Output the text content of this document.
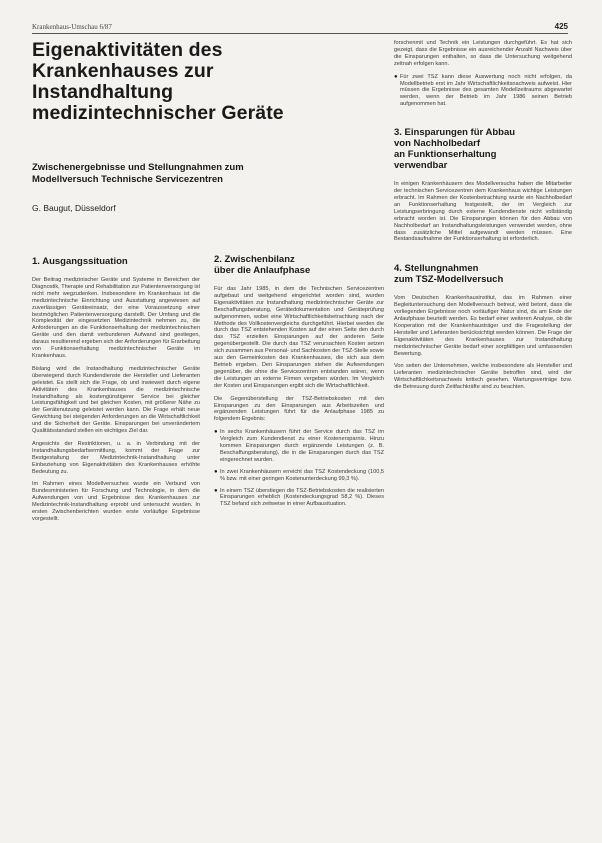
Krankenhaus-Umschau 6/87	425
Eigenaktivitäten des
Krankenhauses zur
Instandhaltung
medizintechnischer Geräte
Zwischenergebnisse und Stellungnahmen zum
Modellversuch Technische Servicezentren
G. Baugut, Düsseldorf
1. Ausgangssituation

Der Beitrag medizinischer Geräte und Systeme in Bereichen der Diagnostik, Therapie und Rehabilitation zur Patientenversorgung ist nicht mehr wegzudenken. Insbesondere im Krankenhaus ist die medizintechnische Einrichtung und Ausstattung angewiesen auf zuverlässigen Geräteeinsatz, der eine Voraussetzung einer bestmöglichen Patientenversorgung darstellt. Der Umfang und die Komplexität der eingesetzten Medizintechnik nehmen zu, die Anforderungen an die Funktionserhaltung der medizintechnischen Geräte und den damit verbundenen Aufwand sind gestiegen, daraus resultierend ergeben sich der Anforderungen für Erarbeitung von Funktionserhaltung medizintechnischer Geräte im Krankenhaus.

Bislang wird die Instandhaltung medizintechnischer Geräte überwiegend durch Kundendienste der Hersteller und Lieferanten geleistet. Es stellt sich die Frage, ob und inwieweit durch eigene Aktivitäten des Krankenhauses die medizintechnische Instandhaltung als kostengünstigerer Service bei gleicher Leistungsfähigkeit und bei gleichen Kosten, mit größerer Nähe zu der Gerätenutzung geleistet werden kann. Die Frage erhält neue Gewichtung bei steigenden Anforderungen an die Wirtschaftlichkeit und die Sicherheit der Geräte. Einsparungen bei unverändertem Qualitätsstandard stellen ein wichtiges Ziel dar.

Angesichts der Restriktionen, u. a. in Verbindung mit der Instandhaltungsbedarfsermittlung, kommt der Frage zur Bestgestaltung der Medizintechnik-Instandhaltung unter Einbeziehung von Eigenaktivitäten des Krankenhauses erhöhte Bedeutung zu.

Im Rahmen eines Modellversuches wurde ein Verbund von Bundesministerien für Forschung und Technologie, in dem die Aufwendungen von und Ergebnisse des Krankenhauses zur Medizintechnik-Instandhaltung erprobt und untersucht wurden. In ersten Zwischenberichten wurden erste vorläufige Ergebnisse vorgestellt.

2. Zwischenbilanz
über die Anlaufphase

Für das Jahr 1985, in dem die Technischen Servicezentren aufgebaut und weitgehend eingerichtet worden sind, wurden Eigenaktivitäten zur Instandhaltung medizintechnischer Geräte zur Beschaffungsberatung, Gerätedokumentation und Geräteprüfung aufgenommen, wobei eine Wirtschaftlichkeitsbetrachtung nach der Methode des Vollkostenvergleichs durchgeführt. Hierbei werden die durch das TSZ entstehenden Kosten auf der einen Seite den durch das TSZ erzielten Einsparungen auf der anderen Seite gegenübergestellt. Die durch das TSZ verursachten Kosten setzen sich zusammen aus Personal- und Sachkosten der TSZ-Stelle sowie aus den Gemeinkosten des Krankenhauses, die sich aus dem Betrieb ergeben. Den Einsparungen stehen die Aufwendungen gegenüber, die ohne die Servicezentren entstanden wären, wenn die Leistungen an externe Firmen vergeben würden. Im Vergleich der Kosten und Einsparungen ergibt sich die Wirtschaftlichkeit.

Die Gegenüberstellung der TSZ-Betriebskosten mit den Einsparungen zu den Einsparungen aus Arbeitszeiten und ergänzenden Leistungen führt für die Anlaufphase 1985 zu folgendem Ergebnis:

● In sechs Krankenhäusern führt der Service durch das TSZ im Vergleich zum Kundendienst zu einer Kostenersparnis. Hinzu kommen Einsparungen durch ergänzende Leistungen (z. B. Beschaffungsberatung), die in die Einsparungen durch das TSZ eingerechnet wurden.
● In zwei Krankenhäusern erreicht das TSZ Kostendeckung (100,5 % bzw. mit einer geringen Kostenunterdeckung 99,3 %).
● In einem TSZ überstiegen die TSZ-Betriebskosten die realisierten Einsparungen erheblich (Kostendeckungsgrad 58,2 %). Dieses TSZ befand sich zeitweise in einer Aufbausituation.

forschenmit und Technik ein Leistungen durchgeführt. Es hat sich gezeigt, dass die Ergebnisse ein ausreichender Anzahl Nachweis über die Einsparungen enthalten, so dass die Untersuchung weitgehend zeitnah erfolgen kann.

● Für zwei TSZ kann diese Auswertung noch nicht erfolgen, da Modellbetrieb erst im Jahr Wirtschaftlichkeitsnachweis aufweist. Hier müssen die Ergebnisse des gesamten Modellzeitraums abgewartet werden, wenn der Betrieb im Jahr 1986 seinen Betrieb aufgenommen hat.
3. Einsparungen für Abbau
von Nachholbedarf
an Funktionserhaltung
verwendbar

In einigen Krankenhäusern des Modellversuchs haben die Mitarbeiter der technischen Servicezentren dem Krankenhaus wichtige Leistungen erbracht. Im Rahmen der Kostenbetrachtung wurde ein Nachholbedarf an Funktionserhaltung festgestellt, der im Vergleich zur Leistungserbringung durch externe Kundendienste nicht vollständig erbracht worden ist. Die Einsparungen können für den Abbau von Nachholbedarf an Instandhaltungsleistungen verwendet werden, ohne dass zusätzliche Mittel aufgewandt werden müssen. Eine Bestandsaufnahme der Funktionserhaltung ist erforderlich.

4. Stellungnahmen
zum TSZ-Modellversuch

Vom Deutschen Krankenhausinstitut, das im Rahmen einer Begleituntersuchung den Modellversuch betreut, wird betont, dass die vorliegenden Ergebnisse noch vorläufiger Natur sind, da am Ende der Anlaufphase beurteilt werden. Es bedarf einer weiteren Analyse, ob die Kooperation mit der Krankenhausträger und die Fragestellung der Hersteller und Lieferanten berücksichtigt werden können. Die Frage der Eigenaktivitäten des Krankenhauses zur Instandhaltung medizintechnischer Geräte bedarf einer sorgfältigen und umfassenden Bewertung.

Von seiten der Unternehmen, welche insbesondere als Hersteller und Lieferanten medizintechnischer Geräte betroffen sind, wird der Wirtschaftlichkeitsnachweis kritisch gesehen. Wartungsverträge bzw. die Betreuung durch Zeitfachkräfte sind zu beachten.
